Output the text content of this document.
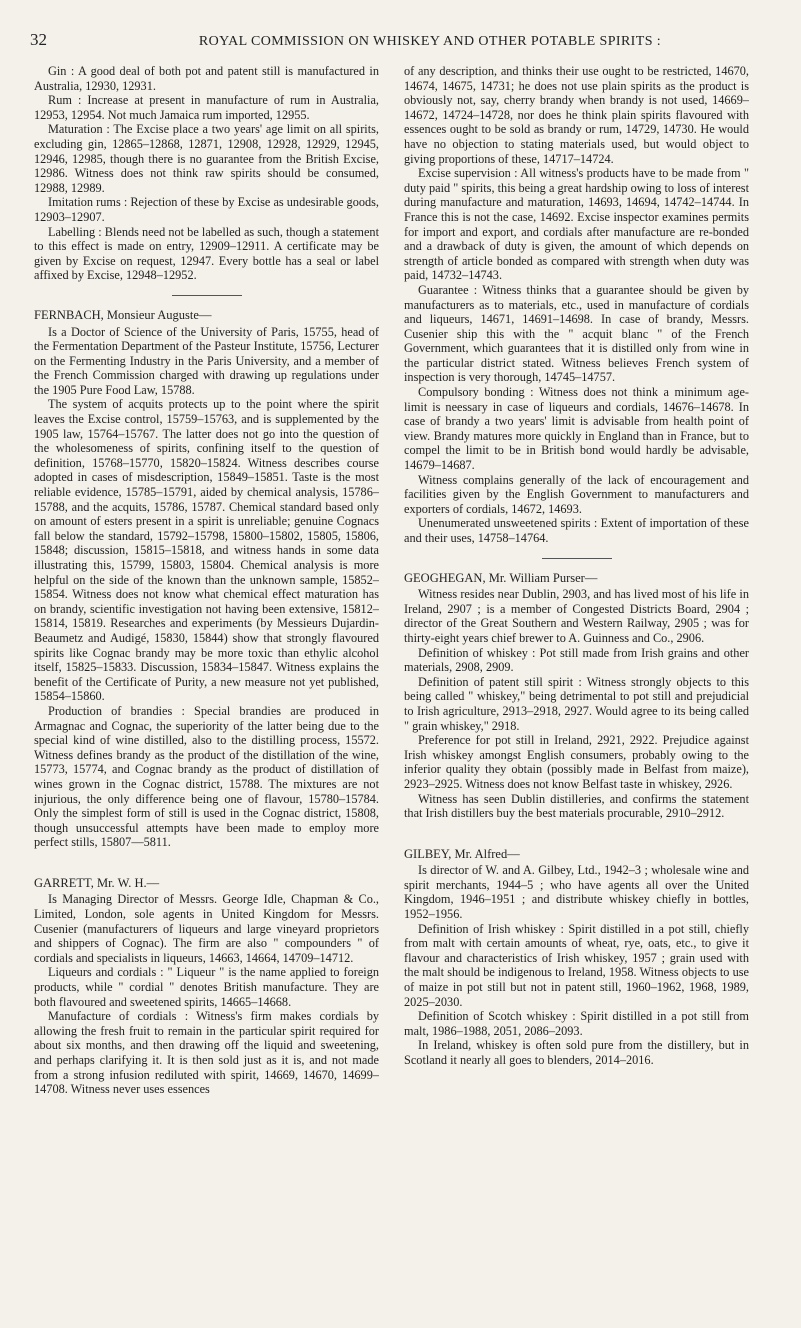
32	ROYAL COMMISSION ON WHISKEY AND OTHER POTABLE SPIRITS :

Gin : A good deal of both pot and patent still is manufactured in Australia, 12930, 12931.

Rum : Increase at present in manufacture of rum in Australia, 12953, 12954. Not much Jamaica rum imported, 12955.

Maturation : The Excise place a two years' age limit on all spirits, excluding gin, 12865–12868, 12871, 12908, 12928, 12929, 12945, 12946, 12985, though there is no guarantee from the British Excise, 12986. Witness does not think raw spirits should be consumed, 12988, 12989.

Imitation rums : Rejection of these by Excise as undesirable goods, 12903–12907.

Labelling : Blends need not be labelled as such, though a statement to this effect is made on entry, 12909–12911. A certificate may be given by Excise on request, 12947. Every bottle has a seal or label affixed by Excise, 12948–12952.

FERNBACH, Monsieur Auguste—

Is a Doctor of Science of the University of Paris, 15755, head of the Fermentation Department of the Pasteur Institute, 15756, Lecturer on the Fermenting Industry in the Paris University, and a member of the French Commission charged with drawing up regulations under the 1905 Pure Food Law, 15788.

The system of acquits protects up to the point where the spirit leaves the Excise control, 15759–15763, and is supplemented by the 1905 law, 15764–15767. The latter does not go into the question of the wholesomeness of spirits, confining itself to the question of definition, 15768–15770, 15820–15824. Witness describes course adopted in cases of misdescription, 15849–15851. Taste is the most reliable evidence, 15785–15791, aided by chemical analysis, 15786–15788, and the acquits, 15786, 15787. Chemical standard based only on amount of esters present in a spirit is unreliable; genuine Cognacs fall below the standard, 15792–15798, 15800–15802, 15805, 15806, 15848; discussion, 15815–15818, and witness hands in some data illustrating this, 15799, 15803, 15804. Chemical analysis is more helpful on the side of the known than the unknown sample, 15852–15854. Witness does not know what chemical effect maturation has on brandy, scientific investigation not having been extensive, 15812–15814, 15819. Researches and experiments (by Messieurs Dujardin-Beaumetz and Audigé, 15830, 15844) show that strongly flavoured spirits like Cognac brandy may be more toxic than ethylic alcohol itself, 15825–15833. Discussion, 15834–15847. Witness explains the benefit of the Certificate of Purity, a new measure not yet published, 15854–15860.

Production of brandies : Special brandies are produced in Armagnac and Cognac, the superiority of the latter being due to the special kind of wine distilled, also to the distilling process, 15572. Witness defines brandy as the product of the distillation of the wine, 15773, 15774, and Cognac brandy as the product of distillation of wines grown in the Cognac district, 15788. The mixtures are not injurious, the only difference being one of flavour, 15780–15784. Only the simplest form of still is used in the Cognac district, 15808, though unsuccessful attempts have been made to employ more perfect stills, 15807—5811.

GARRETT, Mr. W. H.—

Is Managing Director of Messrs. George Idle, Chapman & Co., Limited, London, sole agents in United Kingdom for Messrs. Cusenier (manufacturers of liqueurs and large vineyard proprietors and shippers of Cognac). The firm are also " compounders " of cordials and specialists in liqueurs, 14663, 14664, 14709–14712.

Liqueurs and cordials : " Liqueur " is the name applied to foreign products, while " cordial " denotes British manufacture. They are both flavoured and sweetened spirits, 14665–14668.

Manufacture of cordials : Witness's firm makes cordials by allowing the fresh fruit to remain in the particular spirit required for about six months, and then drawing off the liquid and sweetening, and perhaps clarifying it. It is then sold just as it is, and not made from a strong infusion rediluted with spirit, 14669, 14670, 14699–14708. Witness never uses essences

of any description, and thinks their use ought to be restricted, 14670, 14674, 14675, 14731; he does not use plain spirits as the product is obviously not, say, cherry brandy when brandy is not used, 14669–14672, 14724–14728, nor does he think plain spirits flavoured with essences ought to be sold as brandy or rum, 14729, 14730. He would have no objection to stating materials used, but would object to giving proportions of these, 14717–14724.

Excise supervision : All witness's products have to be made from " duty paid " spirits, this being a great hardship owing to loss of interest during manufacture and maturation, 14693, 14694, 14742–14744. In France this is not the case, 14692. Excise inspector examines permits for import and export, and cordials after manufacture are re-bonded and a drawback of duty is given, the amount of which depends on strength of article bonded as compared with strength when duty was paid, 14732–14743.

Guarantee : Witness thinks that a guarantee should be given by manufacturers as to materials, etc., used in manufacture of cordials and liqueurs, 14671, 14691–14698. In case of brandy, Messrs. Cusenier ship this with the " acquit blanc " of the French Government, which guarantees that it is distilled only from wine in the particular district stated. Witness believes French system of inspection is very thorough, 14745–14757.

Compulsory bonding : Witness does not think a minimum age-limit is neessary in case of liqueurs and cordials, 14676–14678. In case of brandy a two years' limit is advisable from health point of view. Brandy matures more quickly in England than in France, but to compel the limit to be in British bond would hardly be advisable, 14679–14687.

Witness complains generally of the lack of encouragement and facilities given by the English Government to manufacturers and exporters of cordials, 14672, 14693.

Unenumerated unsweetened spirits : Extent of importation of these and their uses, 14758–14764.

GEOGHEGAN, Mr. William Purser—

Witness resides near Dublin, 2903, and has lived most of his life in Ireland, 2907 ; is a member of Congested Districts Board, 2904 ; director of the Great Southern and Western Railway, 2905 ; was for thirty-eight years chief brewer to A. Guinness and Co., 2906.

Definition of whiskey : Pot still made from Irish grains and other materials, 2908, 2909.

Definition of patent still spirit : Witness strongly objects to this being called " whiskey," being detrimental to pot still and prejudicial to Irish agriculture, 2913–2918, 2927. Would agree to its being called " grain whiskey," 2918.

Preference for pot still in Ireland, 2921, 2922. Prejudice against Irish whiskey amongst English consumers, probably owing to the inferior quality they obtain (possibly made in Belfast from maize), 2923–2925. Witness does not know Belfast taste in whiskey, 2926.

Witness has seen Dublin distilleries, and confirms the statement that Irish distillers buy the best materials procurable, 2910–2912.

GILBEY, Mr. Alfred—

Is director of W. and A. Gilbey, Ltd., 1942–3 ; wholesale wine and spirit merchants, 1944–5 ; who have agents all over the United Kingdom, 1946–1951 ; and distribute whiskey chiefly in bottles, 1952–1956.

Definition of Irish whiskey : Spirit distilled in a pot still, chiefly from malt with certain amounts of wheat, rye, oats, etc., to give it flavour and characteristics of Irish whiskey, 1957 ; grain used with the malt should be indigenous to Ireland, 1958. Witness objects to use of maize in pot still but not in patent still, 1960–1962, 1968, 1989, 2025–2030.

Definition of Scotch whiskey : Spirit distilled in a pot still from malt, 1986–1988, 2051, 2086–2093.

In Ireland, whiskey is often sold pure from the distillery, but in Scotland it nearly all goes to blenders, 2014–2016.
